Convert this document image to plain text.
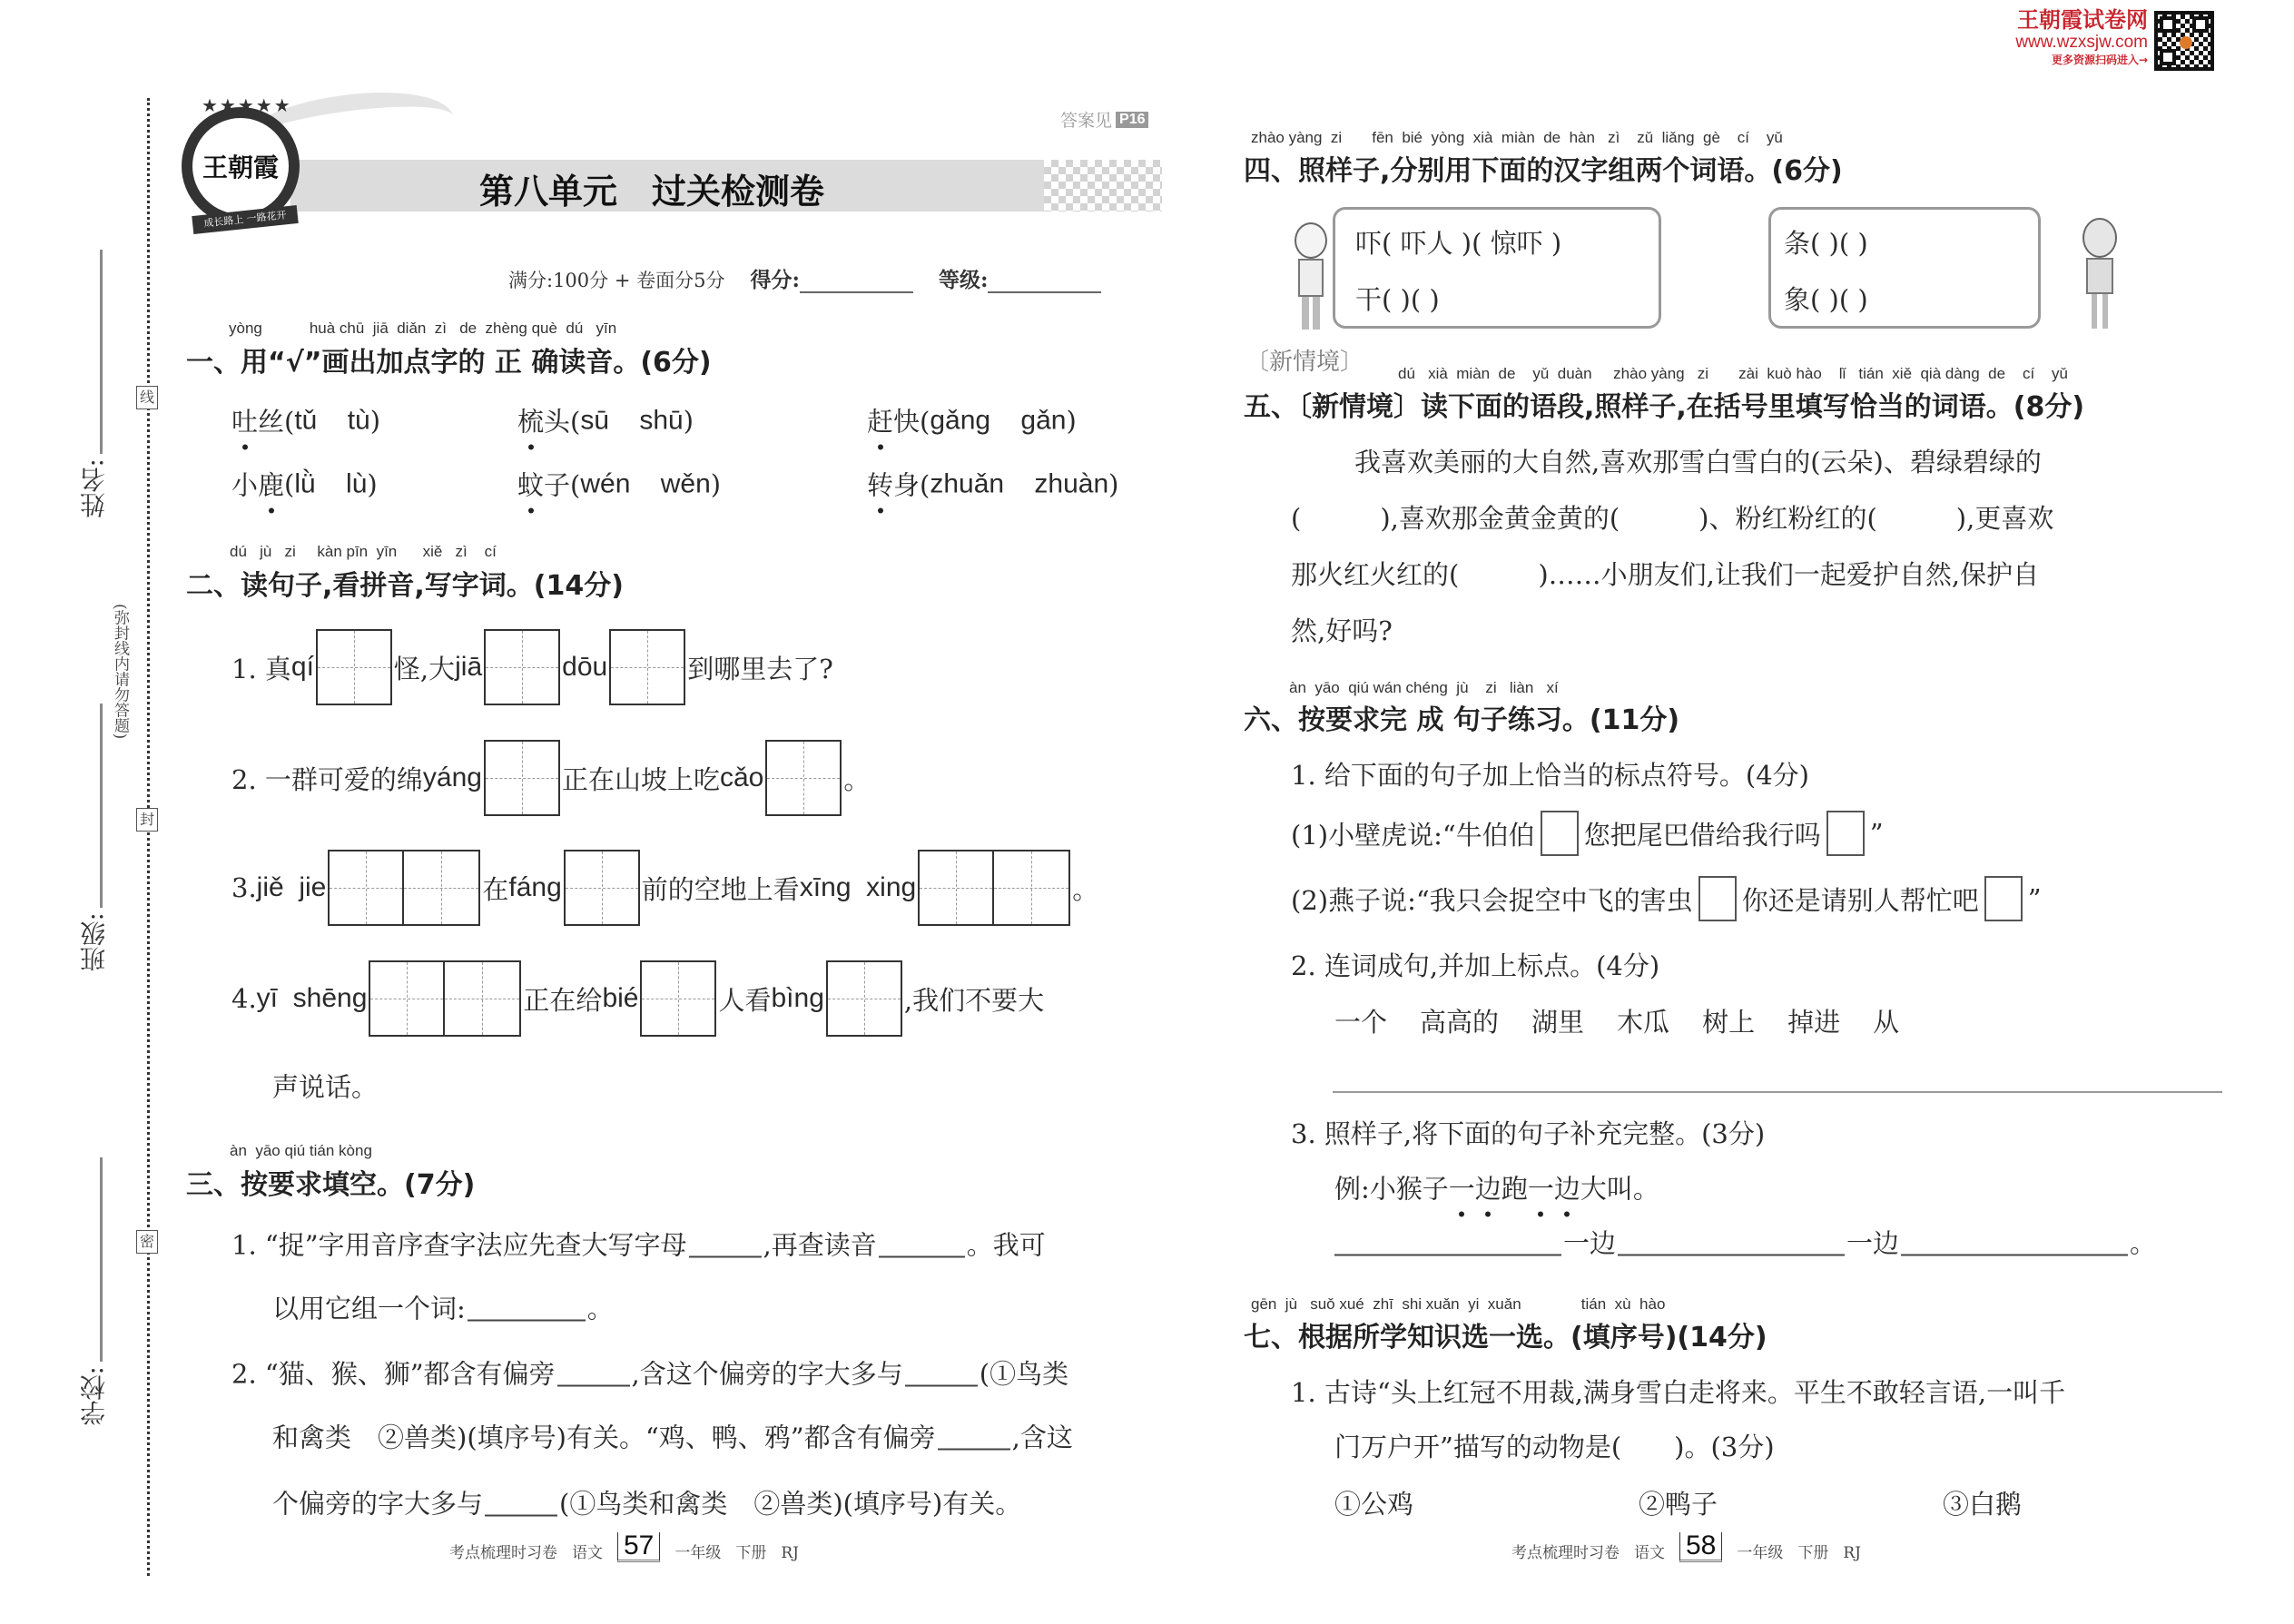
王朝霞试卷网
www.wzxsjw.com
更多资源扫码进入→
姓名:
班级:
学校:
(弥封线内请勿答题)
线
封
密
王朝霞
★★★★★
成长路上 一路花开
答案见 P16
第八单元　过关检测卷
满分:100分 + 卷面分5分 得分:	等级:
yòng           huà chū  jiā  diǎn  zì   de  zhèng què  dú   yīn
一、用“√”画出加点字的 正 确读音。(6分)
吐 丝( tǔ    tù )	梳 头( sū    shū )	赶 快( gǎng    gǎn )
小 鹿 ( lǜ    lù )	蚊 子( wén    wěn )	转 身( zhuǎn    zhuàn )
dú   jù   zi     kàn pīn  yīn      xiě   zì    cí
二、读句子,看拼音,写字词。(14分)
1. 真 qí	怪,大 jiā	dōu	到哪里去了?
2. 一群可爱的绵 yáng	正在山坡上吃 cǎo	。
3. jiě  jie	在 fáng	前的空地上看 xīng  xing	。
4. yī  shēng	正在给 bié	人看 bìng	,我们不要大
声说话。
àn  yāo qiú tián kòng
三、按要求填空。(7分)
1. “捉”字用音序查字法应先查大写字母	,再查读音	。我可
以用它组一个词:	。
2. “猫、猴、狮”都含有偏旁	,含这个偏旁的字大多与	(①鸟类
和禽类　②兽类)(填序号)有关。“鸡、鸭、鸦”都含有偏旁	,含这
个偏旁的字大多与	(①鸟类和禽类　②兽类)(填序号)有关。
考点梳理时习卷 语文 57	一年级 下册 RJ
zhào yàng  zi       fēn  bié  yòng  xià  miàn  de  hàn   zì    zǔ  liǎng  gè    cí    yǔ
四、照样子,分别用下面的汉字组两个词语。(6分)
吓( 吓人 )( 惊吓 )
干( )( )
条( )( )
象( )( )
〔新情境〕 dú   xià  miàn  de    yǔ  duàn     zhào yàng   zi       zài  kuò hào    lǐ   tián  xiě  qià dàng  de    cí    yǔ
五、〔新情境〕读下面的语段,照样子,在括号里填写恰当的词语。(8分)
我喜欢美丽的大自然,喜欢那雪白雪白的(云朵)、碧绿碧绿的
(　　　),喜欢那金黄金黄的(　　　)、粉红粉红的(　　　),更喜欢
那火红火红的(　　　)……小朋友们,让我们一起爱护自然,保护自
然,好吗?
àn  yāo  qiú wán chéng  jù    zi   liàn   xí
六、按要求完 成 句子练习。(11分)
1. 给下面的句子加上恰当的标点符号。(4分)
(1)小壁虎说:“牛伯伯 您把尾巴借给我行吗 ”
(2)燕子说:“我只会捉空中飞的害虫 你还是请别人帮忙吧 ”
2. 连词成句,并加上标点。(4分)
一个 高高的 湖里 木瓜 树上 掉进 从
3. 照样子,将下面的句子补充完整。(3分)
例:小猴子 一 边 跑 一 边 大叫。
一边	一边	。
gēn  jù   suǒ xué  zhī  shi xuǎn  yi  xuǎn              tián  xù  hào
七、根据所学知识选一选。(填序号)(14分)
1. 古诗“头上红冠不用裁,满身雪白走将来。平生不敢轻言语,一叫千
门万户开”描写的动物是(　　)。(3分)
①公鸡	②鸭子	③白鹅
考点梳理时习卷 语文 58	一年级 下册 RJ
